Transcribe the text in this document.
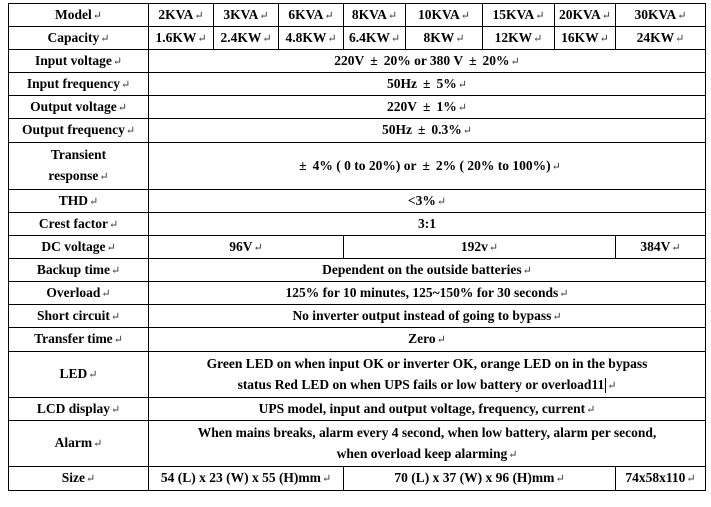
Model↵	2KVA↵	3KVA↵	6KVA↵	8KVA↵	10KVA↵	15KVA↵	20KVA↵	30KVA↵
Capacity↵	1.6KW↵	2.4KW↵	4.8KW↵	6.4KW↵	8KW↵	12KW↵	16KW↵	24KW↵
Input voltage↵	220V ± 20% or 380 V ± 20%↵							
Input frequency↵	50Hz ± 5%↵							
Output voltage↵	220V ± 1%↵							
Output frequency↵	50Hz ± 0.3%↵							
Transient
response↵	± 4% ( 0 to 20%) or ± 2% ( 20% to 100%)↵							
THD↵	<3%↵							
Crest factor↵	3:1							
DC voltage↵	96V↵			192v↵				384V↵
Backup time↵	Dependent on the outside batteries↵							
Overload↵	125% for 10 minutes, 125~150% for 30 seconds↵							
Short circuit↵	No inverter output instead of going to bypass↵							
Transfer time↵	Zero↵							
LED↵	Green LED on when input OK or inverter OK, orange LED on in the bypass
status Red LED on when UPS fails or low battery or overload11 ↵							
LCD display↵	UPS model, input and output voltage, frequency, current↵							
Alarm↵	When mains breaks, alarm every 4 second, when low battery, alarm per second,
when overload keep alarming↵							
Size↵	54 (L) x 23 (W) x 55 (H)mm↵			70 (L) x 37 (W) x 96 (H)mm↵				74x58x110↵
